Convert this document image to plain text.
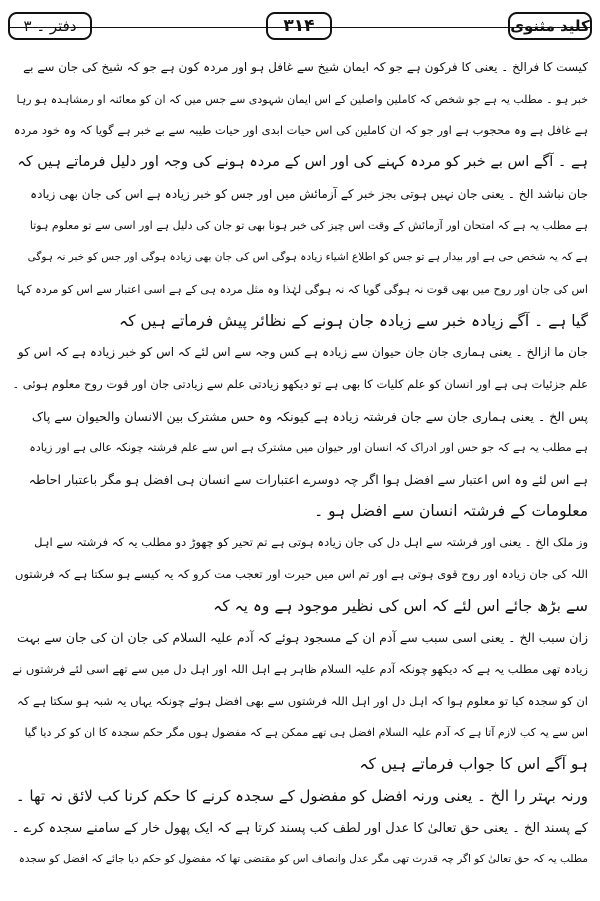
دفتر ۔ ۳	۳۱۴	کلید مثنوی
کیست کا فرالخ ۔ یعنی کا فرکون ہے جو کہ ایمان شیخ سے غافل ہو اور مردہ کون ہے جو کہ شیخ کی جان سے بے
خبر ہو ۔ مطلب یہ ہے جو شخص کہ کاملین واصلین کے اس ایمان شہودی سے جس میں کہ ان کو معائنہ او رمشاہدہ ہو رہا
ہے غافل ہے وہ محجوب ہے اور جو کہ ان کاملین کی اس حیات ابدی اور حیات طیبہ سے بے خبر ہے گویا کہ وہ خود مردہ
ہے ۔ آگے اس بے خبر کو مردہ کہنے کی اور اس کے مردہ ہونے کی وجہ اور دلیل فرماتے ہیں کہ
جان نباشد الخ ۔ یعنی جان نہیں ہوتی بجز خبر کے آزمائش میں اور جس کو خبر زیادہ ہے اس کی جان بھی زیادہ
ہے مطلب یہ ہے کہ امتحان اور آزمائش کے وقت اس چیز کی خبر ہونا بھی تو جان کی دلیل ہے اور اسی سے تو معلوم ہوتا
ہے کہ یہ شخص حی ہے اور بیدار ہے تو جس کو اطلاع اشیاء زیادہ ہوگی اس کی جان بھی زیادہ ہوگی اور جس کو خبر نہ ہوگی
اس کی جان اور روح میں بھی قوت نہ ہوگی گویا کہ نہ ہوگی لہٰذا وہ مثل مردہ ہی کے ہے اسی اعتبار سے اس کو مردہ کہا
گیا ہے ۔ آگے زیادہ خبر سے زیادہ جان ہونے کے نظائر پیش فرماتے ہیں کہ
جان ما ازالخ ۔ یعنی ہماری جان جان حیوان سے زیادہ ہے کس وجہ سے اس لئے کہ اس کو خبر زیادہ ہے کہ اس کو
علم جزئیات ہی ہے اور انسان کو علم کلیات کا بھی ہے تو دیکھو زیادتی علم سے زیادتی جان اور قوت روح معلوم ہوئی ۔
پس الخ ۔ یعنی ہماری جان سے جان فرشتہ زیادہ ہے کیونکہ وہ حس مشترک بین الانسان والحیوان سے پاک
ہے مطلب یہ ہے کہ جو حس اور ادراک کہ انسان اور حیوان میں مشترک ہے اس سے علم فرشتہ چونکہ عالی ہے اور زیادہ
ہے اس لئے وہ اس اعتبار سے افضل ہوا اگر چہ دوسرے اعتبارات سے انسان ہی افضل ہو مگر باعتبار احاطہ
معلومات کے فرشتہ انسان سے افضل ہو ۔
وز ملک الخ ۔ یعنی اور فرشتہ سے اہل دل کی جان زیادہ ہوتی ہے تم تحیر کو چھوڑ دو مطلب یہ کہ فرشتہ سے اہل
اللہ کی جان زیادہ اور روح قوی ہوتی ہے اور تم اس میں حیرت اور تعجب مت کرو کہ یہ کیسے ہو سکتا ہے کہ فرشتوں
سے بڑھ جائے اس لئے کہ اس کی نظیر موجود ہے وہ یہ کہ
زان سبب الخ ۔ یعنی اسی سبب سے آدم ان کے مسجود ہوئے کہ آدم علیہ السلام کی جان ان کی جان سے بہت
زیادہ تھی مطلب یہ ہے کہ دیکھو چونکہ آدم علیہ السلام ظاہر ہے اہل اللہ اور اہل دل میں سے تھے اسی لئے فرشتوں نے
ان کو سجدہ کیا تو معلوم ہوا کہ اہل دل اور اہل اللہ فرشتوں سے بھی افضل ہوئے چونکہ یہاں یہ شبہ ہو سکتا ہے کہ
اس سے یہ کب لازم آتا ہے کہ آدم علیہ السلام افضل ہی تھے ممکن ہے کہ مفضول ہوں مگر حکم سجدہ کا ان کو کر دیا گیا
ہو آگے اس کا جواب فرماتے ہیں کہ
ورنہ بہتر را الخ ۔ یعنی ورنہ افضل کو مفضول کے سجدہ کرنے کا حکم کرنا کب لائق نہ تھا ۔
کے پسند الخ ۔ یعنی حق تعالیٰ کا عدل اور لطف کب پسند کرتا ہے کہ ایک پھول خار کے سامنے سجدہ کرے ۔
مطلب یہ کہ حق تعالیٰ کو اگر چہ قدرت تھی مگر عدل وانصاف اس کو مقتضی تھا کہ مفضول کو حکم دیا جائے کہ افضل کو سجدہ
